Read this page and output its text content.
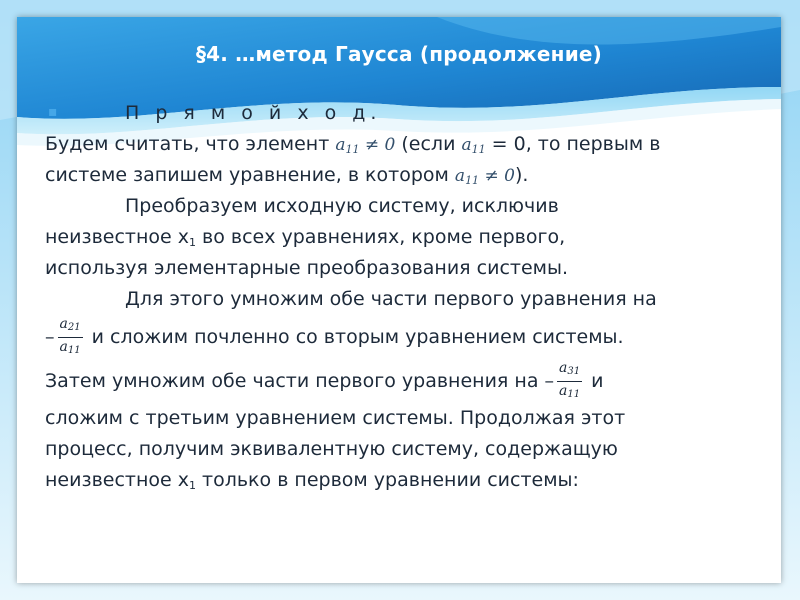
§4. …метод Гаусса (продолжение)
▪	П р я м о й х о д.
Будем считать, что элемент $a_{11} \ne 0$ (если $a_{11} = 0$, то первым в
системе запишем уравнение, в котором $a_{11} \ne 0$).
Преобразуем исходную систему, исключив
неизвестное $x_1$ во всех уравнениях, кроме первого,
используя элементарные преобразования системы.
Для этого умножим обе части первого уравнения на
– $\frac{a21}{a11}$ и сложим почленно со вторым уравнением системы.
Затем умножим обе части первого уравнения на – $\frac{a31}{a11}$ и
сложим с третьим уравнением системы. Продолжая этот
процесс, получим эквивалентную систему, содержащую
неизвестное $x_1$ только в первом уравнении системы:
